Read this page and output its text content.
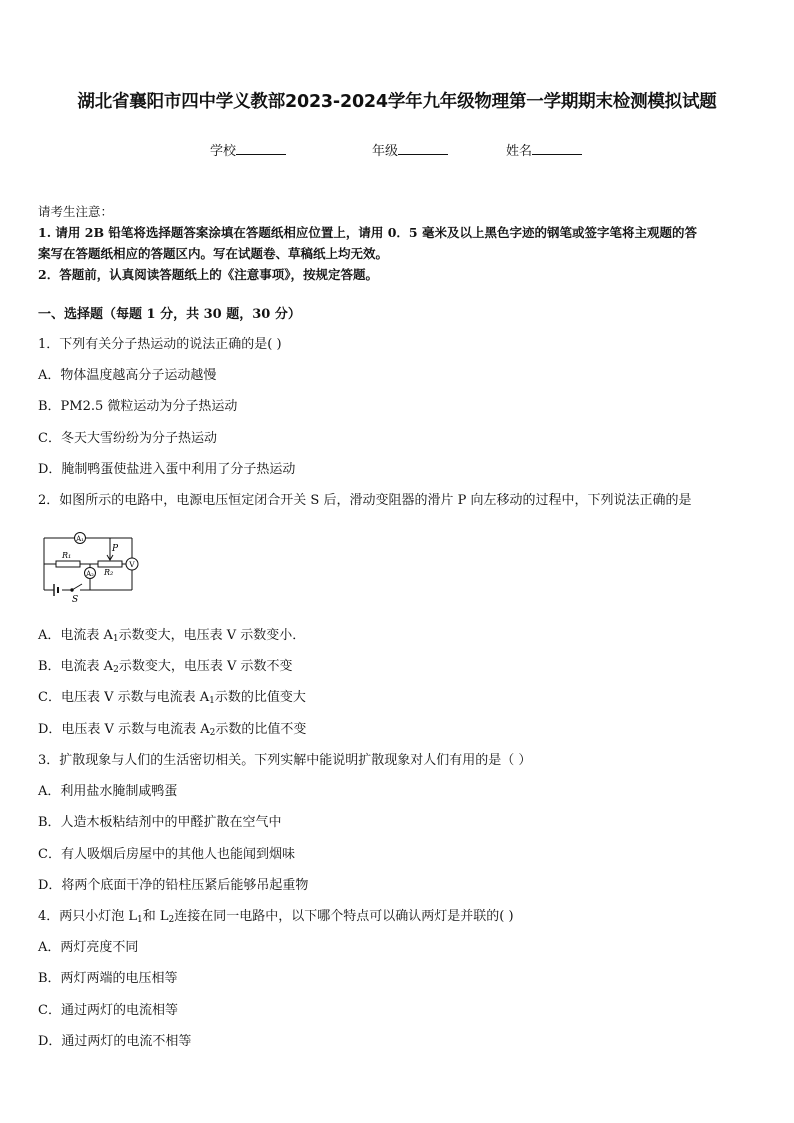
湖北省襄阳市四中学义教部2023-2024学年九年级物理第一学期期末检测模拟试题
学校	年级	姓名
请考生注意：
1. 请用 2B 铅笔将选择题答案涂填在答题纸相应位置上，请用 0．5 毫米及以上黑色字迹的钢笔或签字笔将主观题的答
案写在答题纸相应的答题区内。写在试题卷、草稿纸上均无效。
2．答题前，认真阅读答题纸上的《注意事项》，按规定答题。
一、选择题（每题 1 分，共 30 题，30 分）
1．下列有关分子热运动的说法正确的是( )
A．物体温度越高分子运动越慢
B．PM2.5 微粒运动为分子热运动
C．冬天大雪纷纷为分子热运动
D．腌制鸭蛋使盐进入蛋中利用了分子热运动
2．如图所示的电路中，电源电压恒定闭合开关 S 后，滑动变阻器的滑片 P 向左移动的过程中，下列说法正确的是
A₁
A₂
V
R₁
R₂
P
S
A．电流表 $A_1$示数变大，电压表 V 示数变小．
B．电流表 $A_2$示数变大，电压表 V 示数不变
C．电压表 V 示数与电流表 $A_1$示数的比值变大
D．电压表 V 示数与电流表 $A_2$示数的比值不变
3．扩散现象与人们的生活密切相关。下列实解中能说明扩散现象对人们有用的是（ ）
A．利用盐水腌制咸鸭蛋
B．人造木板粘结剂中的甲醛扩散在空气中
C．有人吸烟后房屋中的其他人也能闻到烟味
D．将两个底面干净的铅柱压紧后能够吊起重物
4．两只小灯泡 $L_1$和 $L_2$连接在同一电路中，以下哪个特点可以确认两灯是并联的( )
A．两灯亮度不同
B．两灯两端的电压相等
C．通过两灯的电流相等
D．通过两灯的电流不相等
